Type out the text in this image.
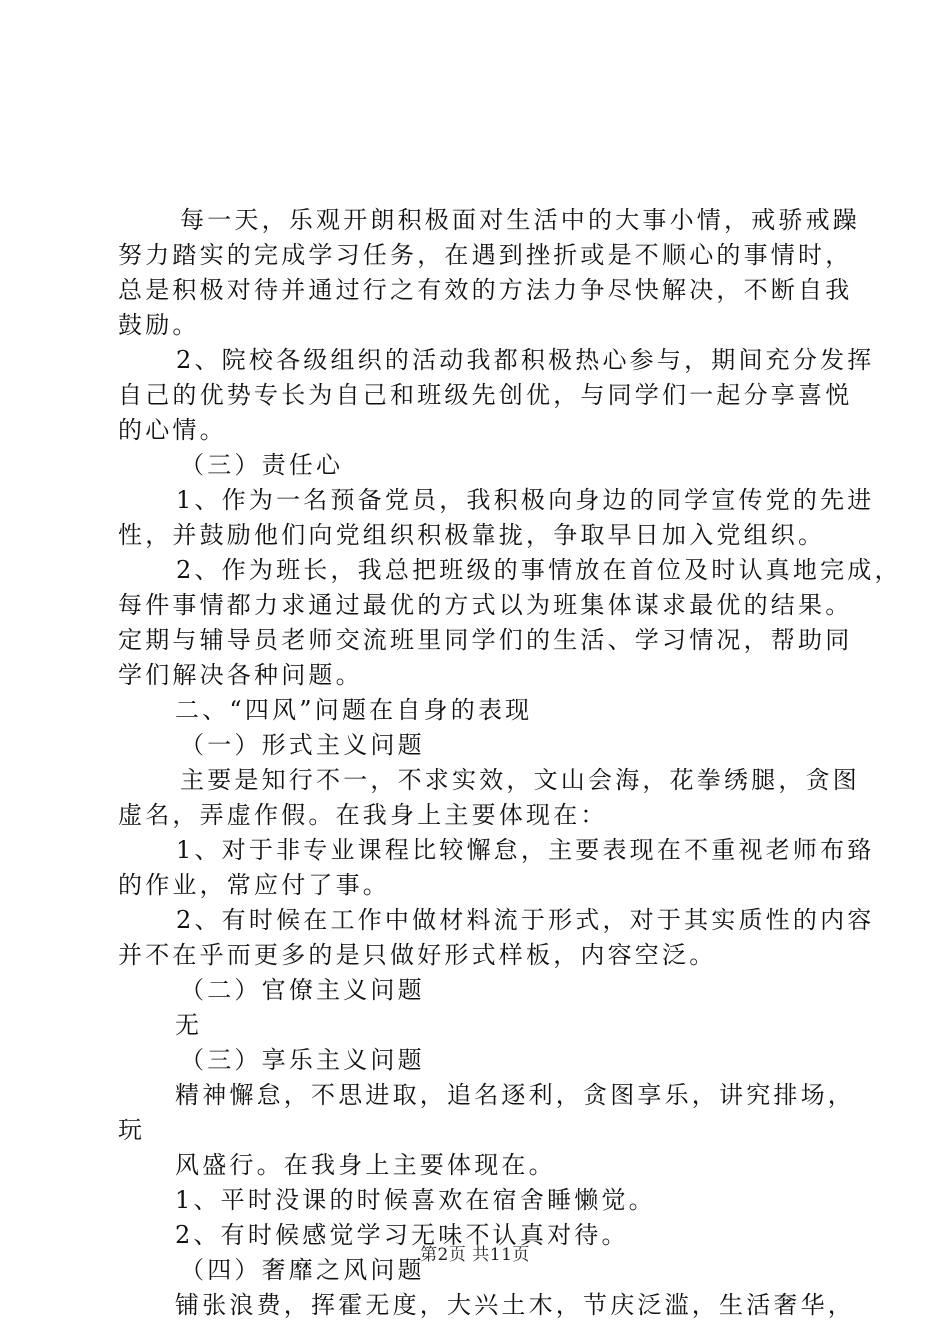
每一天，乐观开朗积极面对生活中的大事小情，戒骄戒躁
努力踏实的完成学习任务，在遇到挫折或是不顺心的事情时，
总是积极对待并通过行之有效的方法力争尽快解决，不断自我
鼓励。
2、院校各级组织的活动我都积极热心参与，期间充分发挥
自己的优势专长为自己和班级先创优，与同学们一起分享喜悦
的心情。
（三）责任心
1、作为一名预备党员，我积极向身边的同学宣传党的先进
性，并鼓励他们向党组织积极靠拢，争取早日加入党组织。
2、作为班长，我总把班级的事情放在首位及时认真地完成，
每件事情都力求通过最优的方式以为班集体谋求最优的结果。
定期与辅导员老师交流班里同学们的生活、学习情况，帮助同
学们解决各种问题。
二、“四风”问题在自身的表现
（一）形式主义问题
主要是知行不一，不求实效，文山会海，花拳绣腿，贪图
虚名，弄虚作假。在我身上主要体现在：
1、对于非专业课程比较懈怠，主要表现在不重视老师布臵
的作业，常应付了事。
2、有时候在工作中做材料流于形式，对于其实质性的内容
并不在乎而更多的是只做好形式样板，内容空泛。
（二）官僚主义问题
无
（三）享乐主义问题
精神懈怠，不思进取，追名逐利，贪图享乐，讲究排场，
玩
风盛行。在我身上主要体现在。
1、平时没课的时候喜欢在宿舍睡懒觉。
2、有时候感觉学习无味不认真对待。
（四）奢靡之风问题
铺张浪费，挥霍无度，大兴土木，节庆泛滥，生活奢华，
第2页 共11页
